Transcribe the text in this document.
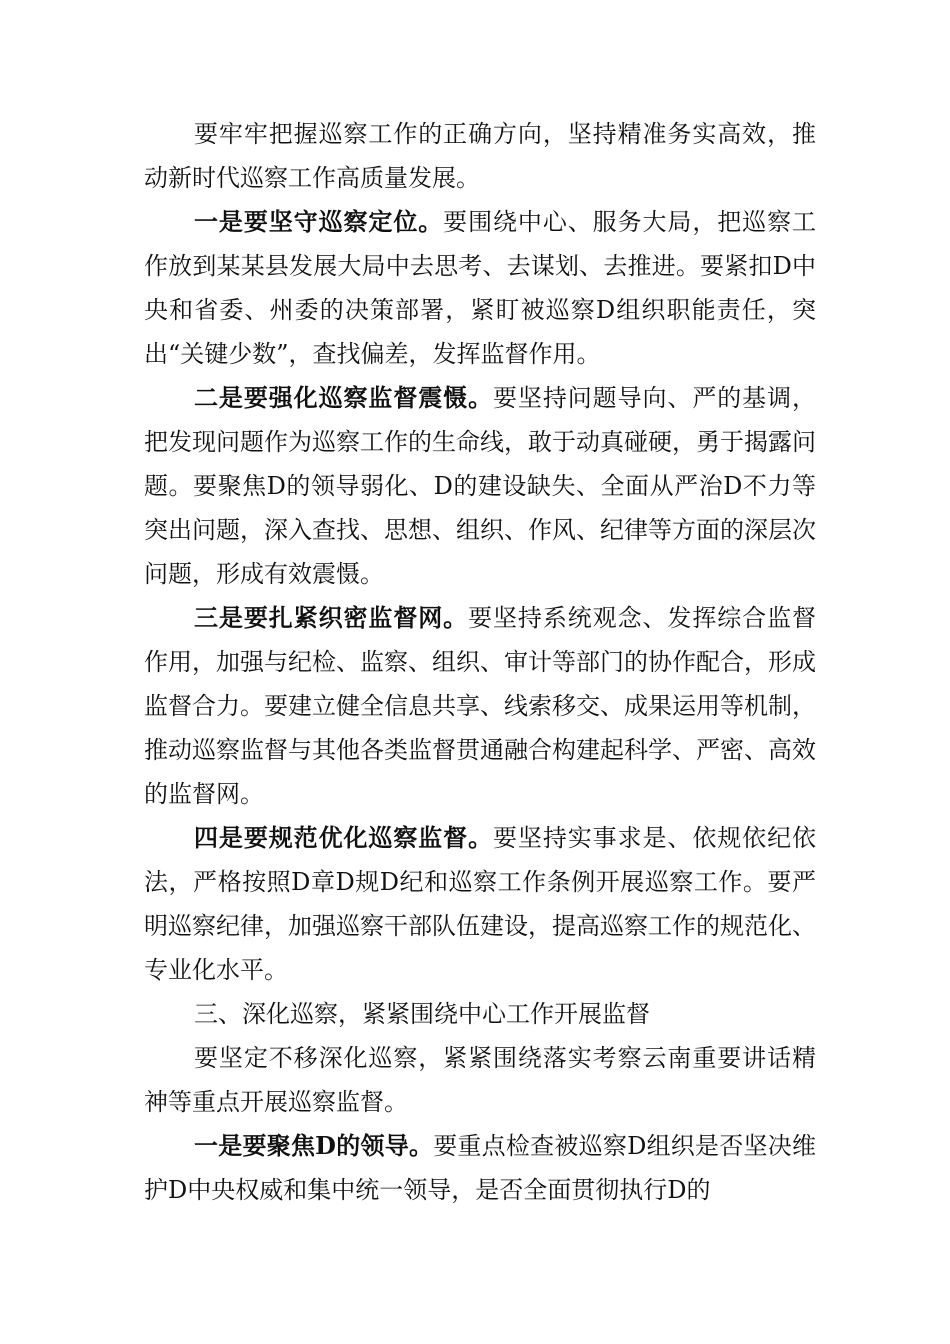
要牢牢把握巡察工作的正确方向，坚持精准务实高效，推动新时代巡察工作高质量发展。

一是要坚守巡察定位。要围绕中心、服务大局，把巡察工作放到某某县发展大局中去思考、去谋划、去推进。要紧扣D中央和省委、州委的决策部署，紧盯被巡察D组织职能责任，突出“关键少数”，查找偏差，发挥监督作用。

二是要强化巡察监督震慑。要坚持问题导向、严的基调，把发现问题作为巡察工作的生命线，敢于动真碰硬，勇于揭露问题。要聚焦D的领导弱化、D的建设缺失、全面从严治D不力等突出问题，深入查找、思想、组织、作风、纪律等方面的深层次问题，形成有效震慑。

三是要扎紧织密监督网。要坚持系统观念、发挥综合监督作用，加强与纪检、监察、组织、审计等部门的协作配合，形成监督合力。要建立健全信息共享、线索移交、成果运用等机制，推动巡察监督与其他各类监督贯通融合构建起科学、严密、高效的监督网。

四是要规范优化巡察监督。要坚持实事求是、依规依纪依法，严格按照D章D规D纪和巡察工作条例开展巡察工作。要严明巡察纪律，加强巡察干部队伍建设，提高巡察工作的规范化、专业化水平。

三、深化巡察，紧紧围绕中心工作开展监督

要坚定不移深化巡察，紧紧围绕落实考察云南重要讲话精神等重点开展巡察监督。

一是要聚焦D的领导。要重点检查被巡察D组织是否坚决维护D中央权威和集中统一领导，是否全面贯彻执行D的
